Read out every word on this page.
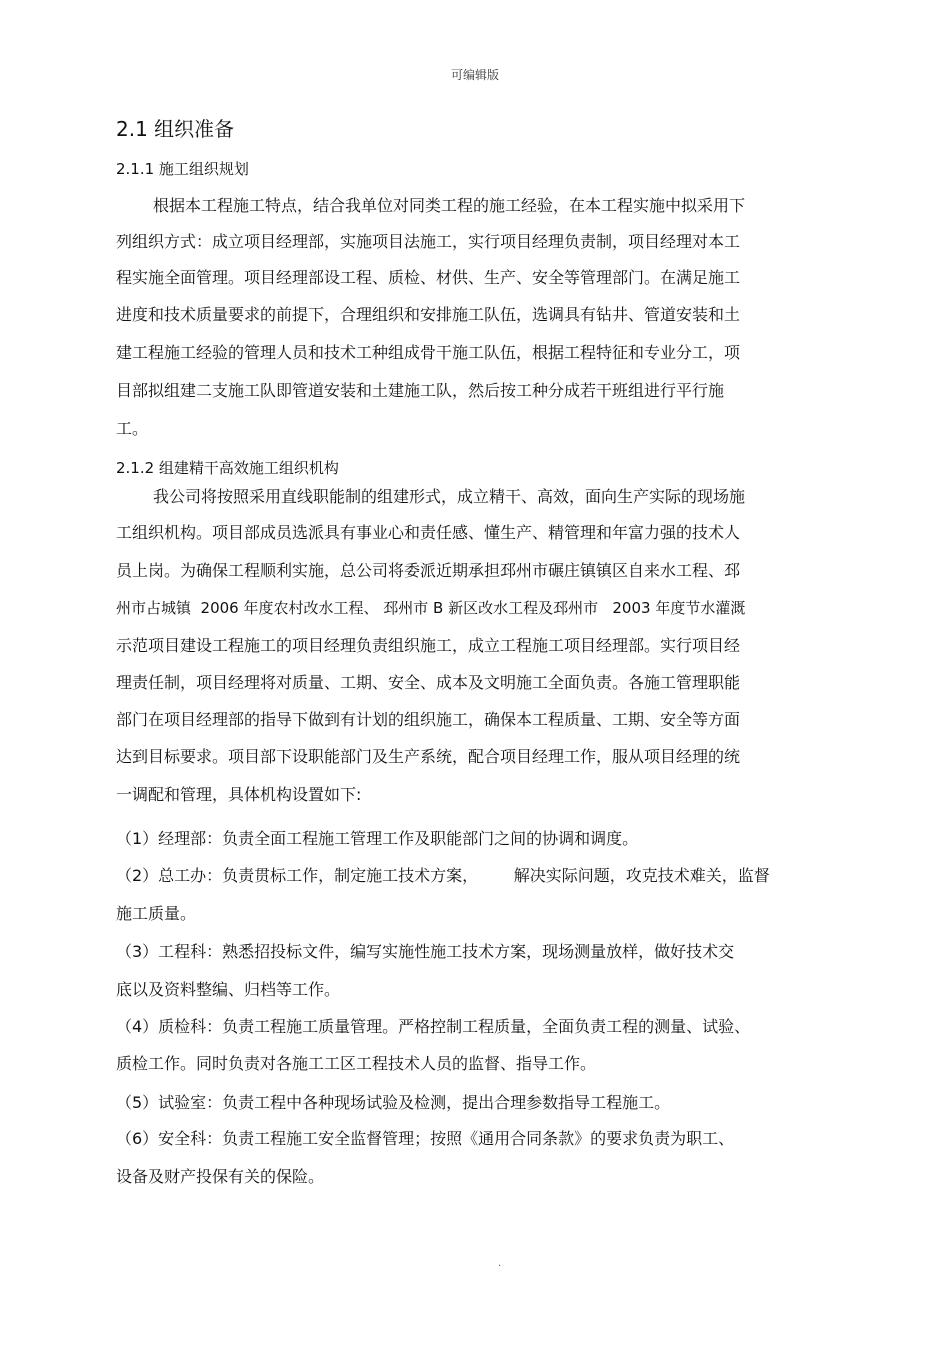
可编辑版
2.1 组织准备
2.1.1 施工组织规划
根据本工程施工特点，结合我单位对同类工程的施工经验，在本工程实施中拟采用下
列组织方式：成立项目经理部，实施项目法施工，实行项目经理负责制，项目经理对本工
程实施全面管理。项目经理部设工程、质检、材供、生产、安全等管理部门。在满足施工
进度和技术质量要求的前提下，合理组织和安排施工队伍，选调具有钻井、管道安装和土
建工程施工经验的管理人员和技术工种组成骨干施工队伍，根据工程特征和专业分工，项
目部拟组建二支施工队即管道安装和土建施工队，然后按工种分成若干班组进行平行施
工。
2.1.2 组建精干高效施工组织机构
我公司将按照采用直线职能制的组建形式，成立精干、高效，面向生产实际的现场施
工组织机构。项目部成员选派具有事业心和责任感、懂生产、精管理和年富力强的技术人
员上岗。为确保工程顺利实施，总公司将委派近期承担邳州市碾庄镇镇区自来水工程、邳
州市占城镇  2006 年度农村改水工程、 邳州市 B 新区改水工程及邳州市   2003 年度节水灌溉
示范项目建设工程施工的项目经理负责组织施工，成立工程施工项目经理部。实行项目经
理责任制，项目经理将对质量、工期、安全、成本及文明施工全面负责。各施工管理职能
部门在项目经理部的指导下做到有计划的组织施工，确保本工程质量、工期、安全等方面
达到目标要求。项目部下设职能部门及生产系统，配合项目经理工作，服从项目经理的统
一调配和管理，具体机构设置如下:
（1）经理部：负责全面工程施工管理工作及职能部门之间的协调和调度。
（2）总工办：负责贯标工作，制定施工技术方案，       解决实际问题，攻克技术难关，监督
施工质量。
（3）工程科：熟悉招投标文件，编写实施性施工技术方案，现场测量放样，做好技术交
底以及资料整编、归档等工作。
（4）质检科：负责工程施工质量管理。严格控制工程质量，全面负责工程的测量、试验、
质检工作。同时负责对各施工工区工程技术人员的监督、指导工作。
（5）试验室：负责工程中各种现场试验及检测，提出合理参数指导工程施工。
（6）安全科：负责工程施工安全监督管理；按照《通用合同条款》的要求负责为职工、
设备及财产投保有关的保险。
.
